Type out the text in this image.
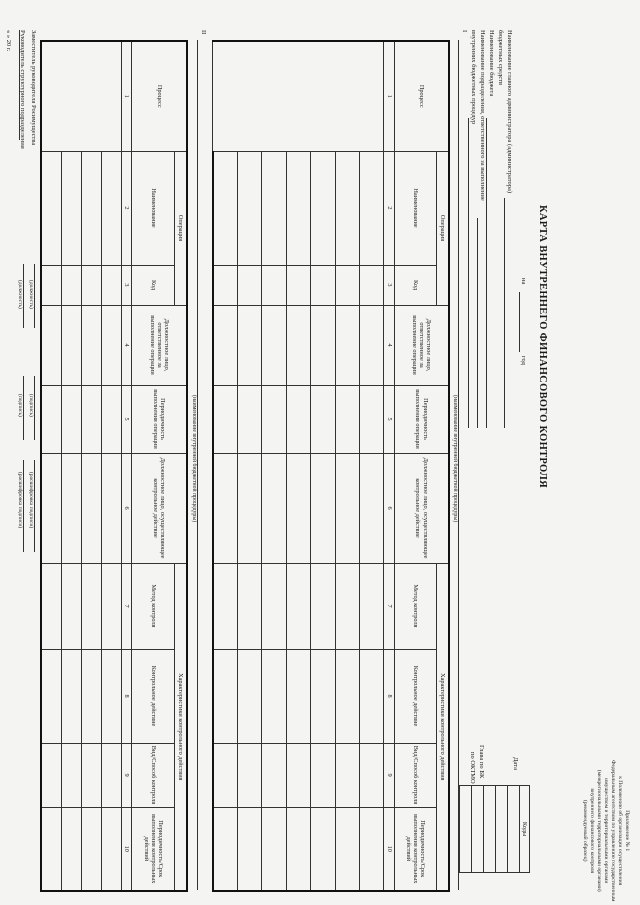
Приложение № 1
к Положению об организации осуществления
Федеральным агентством по управлению государственным
имуществом и территориальными органами
(межрегиональными территориальными органами)
внутреннего финансового контроля
(рекомендуемый образец)
КАРТА ВНУТРЕННЕГО ФИНАНСОВОГО КОНТРОЛЯ
на
год
Коды

Дата
Глава по БК
по ОКТМО
Наименование главного администратора (администратора)
бюджетных средств
Наименование бюджета
Наименование подразделения, ответственного за выполнение
внутренних бюджетных процедур
I
(наименование внутренней бюджетной процедуры)
Процесс	Операция		Должностное лицо, ответственное за выполнение операции	Периодичность выполнения операции	Должностное лицо, осуществляющее контрольное действие	Характеристики контрольного действия			
	Наименование	Код				Метод контроля	Контрольное действие	Вид/Способ контроля	Периодичность/Срок выполнения контрольных действий
1	2	3	4	5	6	7	8	9	10

II
(наименование внутренней бюджетной процедуры)
Процесс	Операция		Должностное лицо, ответственное за выполнение операции	Периодичность выполнения операции	Должностное лицо, осуществляющее контрольное действие	Характеристики контрольного действия			
	Наименование	Код				Метод контроля	Контрольное действие	Вид/Способ контроля	Периодичность/Срок выполнения контрольных действий
1	2	3	4	5	6	7	8	9	10

Заместитель руководителя Росимущества
Руководитель структурного подразделения
« » 20 г.
(должность)
(подпись)
(расшифровка подписи)
(должность)
(подпись)
(расшифровка подписи)
